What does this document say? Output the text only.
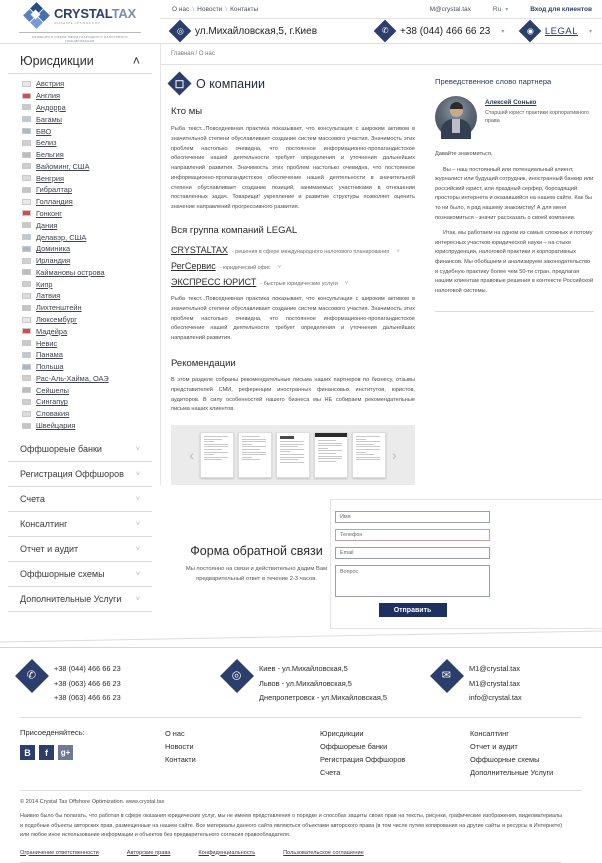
CRYSTALTAX
OFFSHORE OPTIMIZATION
РЕШЕНИЯ В СФЕРЕ МЕЖДУНАРОДНОГО НАЛОГОВОГО ПЛАНИРОВАНИЯ
О нас \ Новости \ Контакты	M@crystal.tax	Ru ▾	Вход для клиентов
◎ ул.Михайловская,5, г.Киев	✆ +38 (044) 466 66 23 ▾	◉ LEGAL ▾
Юрисдикции	˄
Австрия
Англия
Андорра
Багамы
БВО
Белиз
Бельгия
Вайоминг, США
Венгрия
Гибралтар
Голландия
Гонконг
Дания
Делавэр, США
Доминика
Ирландия
Каймановы острова
Кипр
Латвия
Лихтенштейн
Люксембург
Мадейра
Невис
Панама
Польша
Рас-Аль-Хайма, ОАЭ
Сейшелы
Сингапур
Словакия
Швейцария
Оффшореые банки	˅
Регистрация Оффшоров ˅
Счета	˅
Консалтинг	˅
Отчет и аудит	˅
Оффшорные схемы	˅
Дополнительные Услуги ˅
Главная / О нас
О компании
Кто мы

Рыба текст...Повседневная практика показывает, что консультация с широким активом в значительной степени обуславливает создание систем массового участия. Значимость этих проблем настолько очевидна, что постоянное информационно-пропагандистское обеспечение нашей деятельности требует определения и уточнения дальнейших направлений развития. Значимость этих проблем настолько очевидна, что постоянное информационно-пропагандистское обеспечение нашей деятельности в значительной степени обуславливает создание позиций, занимаемых участниками в отношении поставленных задач. Товарищи! укрепление и развитие структуры позволяет оценить значение направлений прогрессивного развития.

Вся группа компаний LEGAL
CRYSTALTAX - решения в сфере международного налогового планирования ˅
РегСервис - юридический офис ˅
ЭКСПРЕСС ЮРИСТ - быстрые юридические услуги ˅

Рыба текст...Повседневная практика показывает, что консультация с широким активом в значительной степени обуславливает создание систем массового участия. Значимость этих проблем настолько очевидна, что постоянное информационно-пропагандистское обеспечение нашей деятельности требует определения и уточнения дальнейших направлений развития.

Рекомендации

В этом разделе собраны рекомендательные письма наших партнеров по бизнесу, отзывы представителей СМИ, референции иностранных финансовых институтов, юристов, аудиторов. В силу особенностей нашего бизнеса мы НЕ собираем рекомендательные письма наших клиентов.

‹	›
Преведственное слово партнера
Алексей Сонько
Старший юрист практики корпоративного права

Давайте знакомиться,

Вы – наш постоянный или потенциальный клиент, журналист или будущий сотрудник, иностранный банкир или российский юрист, или праздный серфер, бороздящий просторы интернета и оказавшийся на нашем сайте. Как бы то ни было, я рад нашему знакомству! А для меня познакомиться - значит рассказать о своей компании.

Итак, мы работаем на одном из самых сложных и потому интересных участков юридической науки – на стыке юриспруденции, налоговой практики и корпоративных финансов. Мы обобщаем и анализируем законодательство и судебную практику более чем 50-ти стран, предлагая нашим клиентам правовые решения в контексте Российской налоговой системы.

Форма обратной связи
Мы постоянно на связи и действительно дадим Вам предварительный ответ в течение 2-3 часов.
Имя
Телефон
Email
Вопрос
Отправить
✆
+38 (044) 466 66 23
+38 (063) 466 66 23
+38 (063) 466 66 23
◎
Киев - ул.Михайловская,5
Львов - ул.Михайловская,5
Днепропетровск - ул.Михайловская,5
✉
M1@crystal.tax
M1@crystal.tax
info@crystal.tax
Присоеденяйтесь:
В	f	g+
О нас
Новости
Контакти
Юрисдикции
Оффшореые банки
Регистрация Оффшоров
Счета
Консалтинг
Отчет и аудит
Оффшорные схемы
Дополнительные Услуги
© 2014 Crystal Tax Offshore Optimization. www.crystal.tax
Наивно было бы полагать, что работая в сфере оказания юридических услуг, мы не имеем представления о порядке и способах защиты своих прав на тексты, рисунки, графические изображения, видеоматериалы и подобные объекты авторских прав, размещенные на нашем сайте. Все материалы данного сайта являються объектами авторского права (в том числе путем копирования на другие сайты и ресурсы в Интернете) или любое иное использование информации и объектов без предварительного согласия правообладателя.
Ограничение ответственности	Авторские права	Конфиденциальность	Пользовательское соглашение
